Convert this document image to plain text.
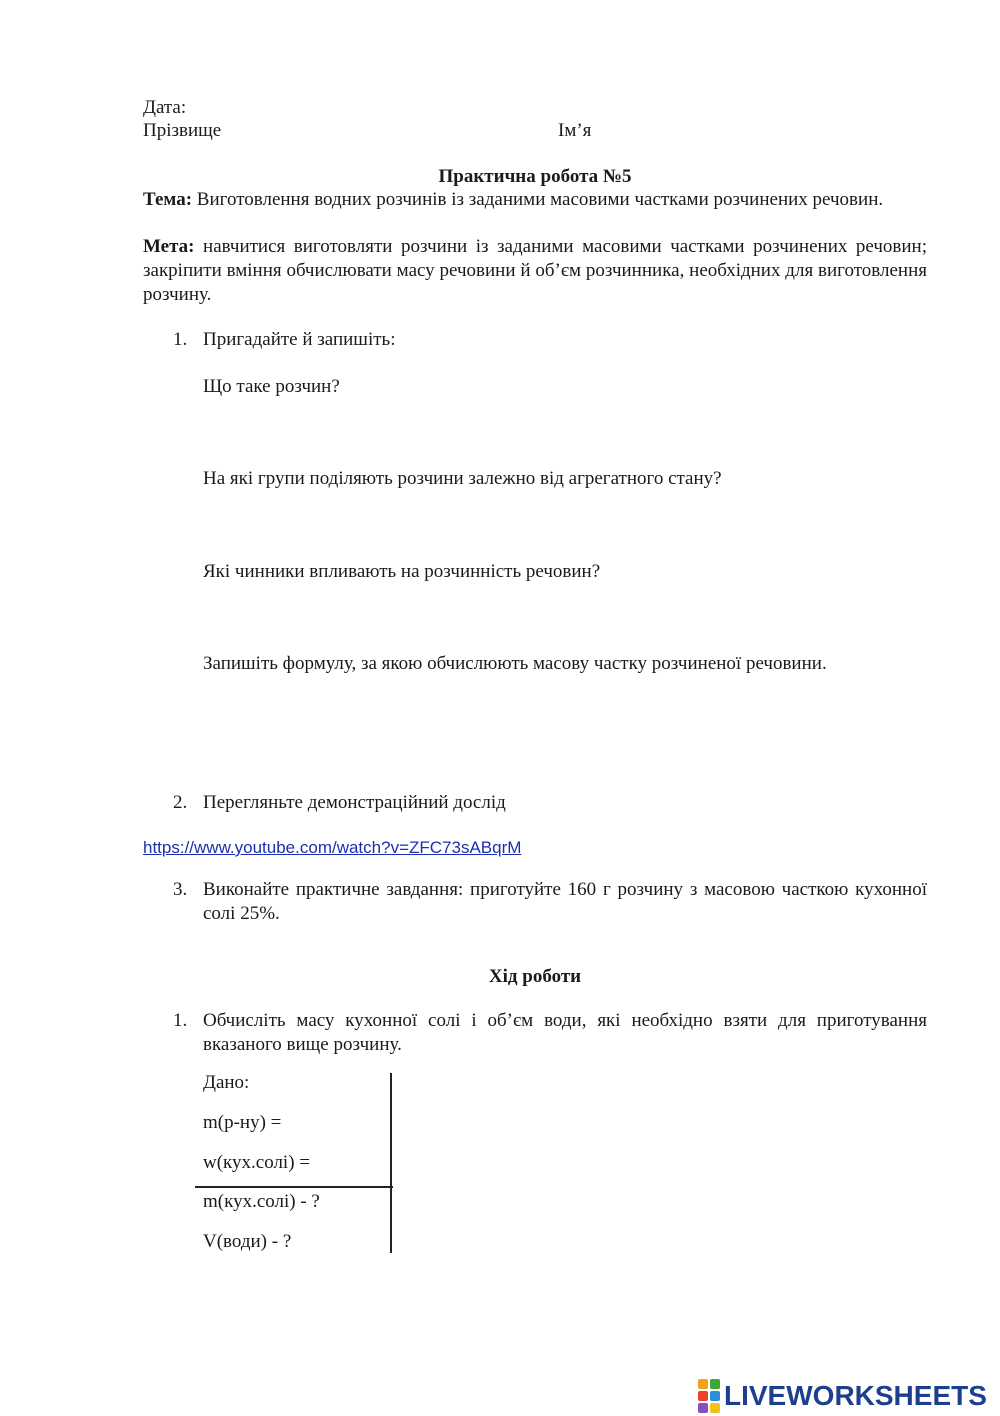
Дата:
Прізвище	Ім’я
Практична робота №5
Тема: Виготовлення водних розчинів із заданими масовими частками розчинених речовин.
Мета: навчитися виготовляти розчини із заданими масовими частками розчинених речовин; закріпити вміння обчислювати масу речовини й об’єм розчинника, необхідних для виготовлення розчину.
1. Пригадайте й запишіть:
Що таке розчин?
На які групи поділяють розчини залежно від агрегатного стану?
Які чинники впливають на розчинність речовин?
Запишіть формулу, за якою обчислюють масову частку розчиненої речовини.
2. Перегляньте демонстраційний дослід
https://www.youtube.com/watch?v=ZFC73sABqrM
3. Виконайте практичне завдання: приготуйте 160 г розчину з масовою часткою кухонної солі 25%.
Хід роботи
1. Обчисліть масу кухонної солі і об’єм води, які необхідно взяти для приготування вказаного вище розчину.
Дано:
m(р-ну) =
w(кух.солі) =
m(кух.солі) - ?
V(води) - ?
LIVEWORKSHEETS
